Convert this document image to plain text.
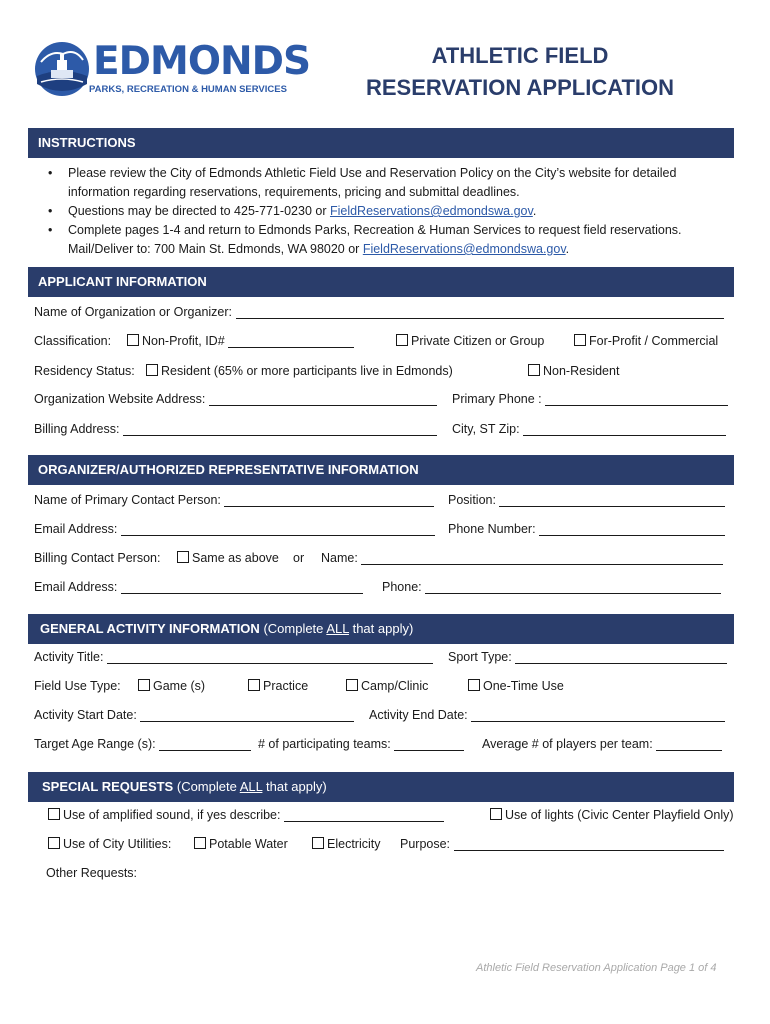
EDMONDS
PARKS, RECREATION & HUMAN SERVICES
ATHLETIC FIELD
RESERVATION APPLICATION
INSTRUCTIONS
• Please review the City of Edmonds Athletic Field Use and Reservation Policy on the City’s website for detailed information regarding reservations, requirements, pricing and submittal deadlines.
• Questions may be directed to 425-771-0230 or FieldReservations@edmondswa.gov.
• Complete pages 1-4 and return to Edmonds Parks, Recreation & Human Services to request field reservations. Mail/Deliver to: 700 Main St. Edmonds, WA 98020 or FieldReservations@edmondswa.gov.
APPLICANT INFORMATION
Name of Organization or Organizer:
Classification:	Non-Profit, ID#	Private Citizen or Group	For-Profit / Commercial
Residency Status:	Resident (65% or more participants live in Edmonds)	Non-Resident
Organization Website Address:	Primary Phone :
Billing Address:	City, ST Zip:
ORGANIZER/AUTHORIZED REPRESENTATIVE INFORMATION
Name of Primary Contact Person:	Position:
Email Address:	Phone Number:
Billing Contact Person:	Same as above or Name:
Email Address:	Phone:
GENERAL ACTIVITY INFORMATION (Complete ALL that apply)
Activity Title:	Sport Type:
Field Use Type:	Game (s)	Practice	Camp/Clinic	One-Time Use
Activity Start Date:	Activity End Date:
Target Age Range (s):	# of participating teams:	Average # of players per team:
SPECIAL REQUESTS (Complete ALL that apply)
Use of amplified sound, if yes describe:	Use of lights (Civic Center Playfield Only)
Use of City Utilities:	Potable Water	Electricity Purpose:
Other Requests:
Athletic Field Reservation Application Page 1 of 4
